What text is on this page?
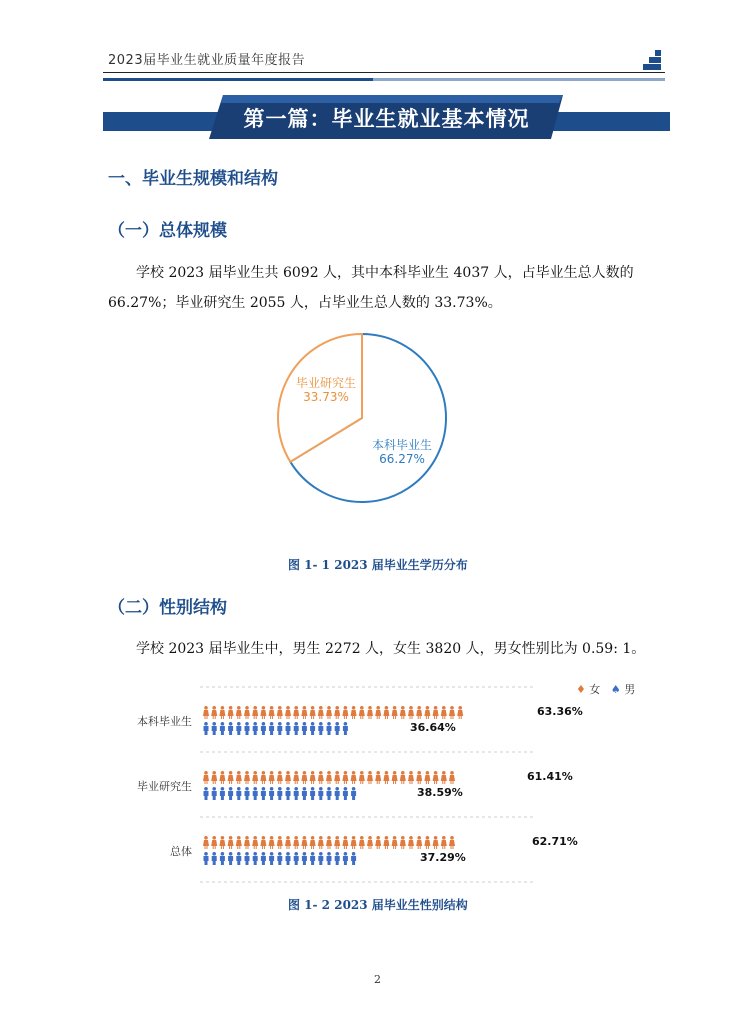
2023届毕业生就业质量年度报告
第一篇：毕业生就业基本情况
一、毕业生规模和结构
（一）总体规模
学校 2023 届毕业生共 6092 人，其中本科毕业生 4037 人，占毕业生总人数的
66.27%；毕业研究生 2055 人，占毕业生总人数的 33.73%。
毕业研究生
33.73%
本科毕业生
66.27%
图 1- 1 2023 届毕业生学历分布
（二）性别结构
学校 2023 届毕业生中，男生 2272 人，女生 3820 人，男女性别比为 0.59: 1。
♦ 女 ♠ 男
本科毕业生
毕业研究生
总体
63.36%
36.64%
61.41%
38.59%
62.71%
37.29%
图 1- 2 2023 届毕业生性别结构
2
